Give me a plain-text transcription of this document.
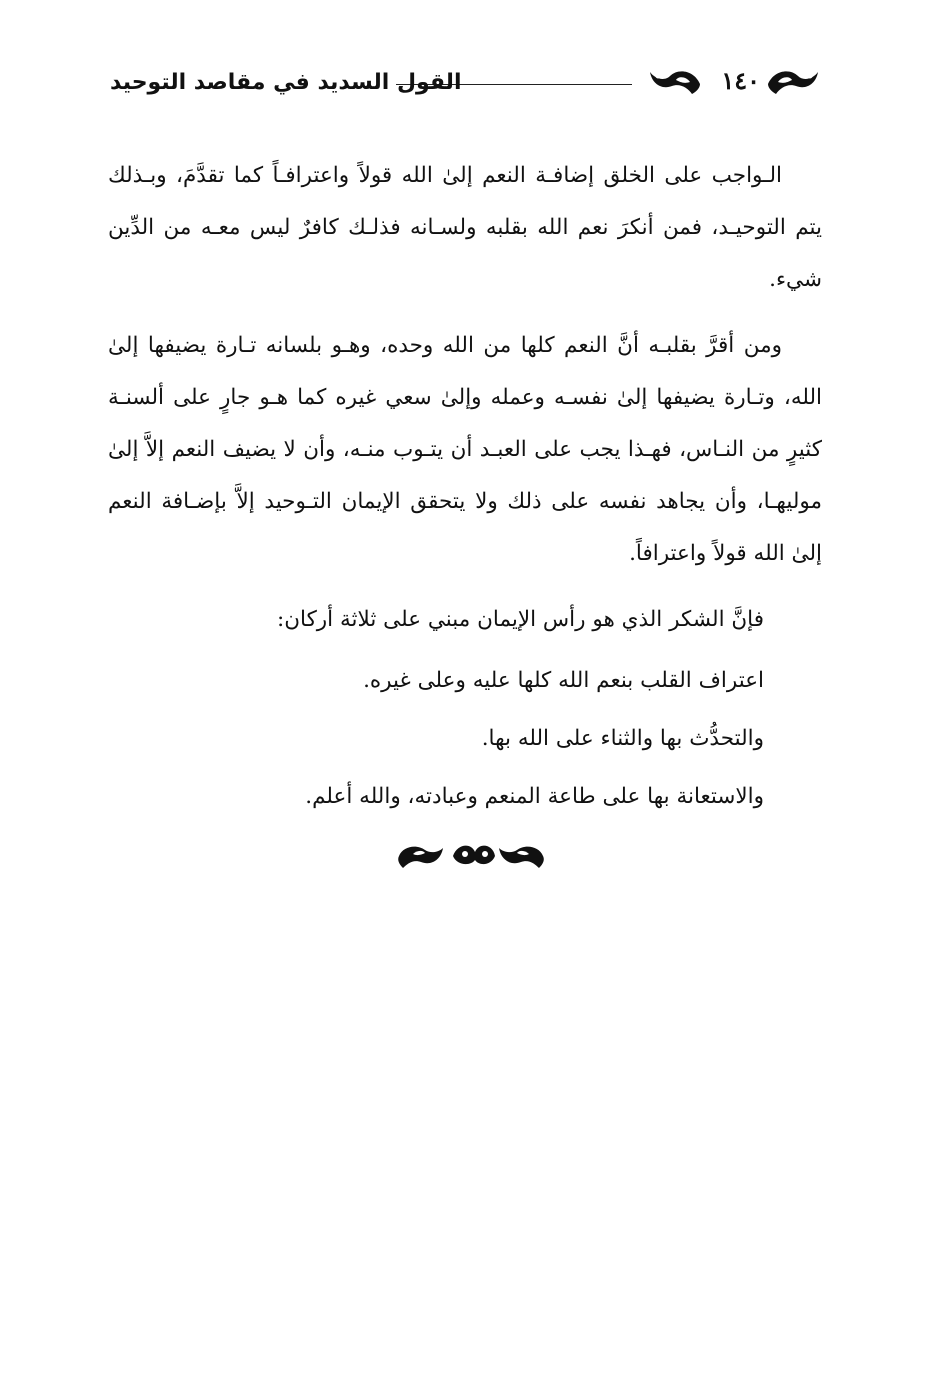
١٤٠
القول السديد في مقاصد التوحيد

الـواجب على الخلق إضافـة النعم إلىٰ الله قولاً واعترافـاً كما تقدَّمَ، وبـذلك يتم التوحيـد، فمن أنكرَ نعم الله بقلبه ولسـانه فذلـك كافرٌ ليس معـه من الدِّين شيء.

ومن أقرَّ بقلبـه أنَّ النعم كلها من الله وحده، وهـو بلسانه تـارة يضيفها إلىٰ الله، وتـارة يضيفها إلىٰ نفسـه وعمله وإلىٰ سعي غيره كما هـو جارٍ على ألسنـة كثيرٍ من النـاس، فهـذا يجب على العبـد أن يتـوب منـه، وأن لا يضيف النعم إلاَّ إلىٰ موليهـا، وأن يجاهد نفسه على ذلك ولا يتحقق الإيمان التـوحيد إلاَّ بإضـافة النعم إلىٰ الله قولاً واعترافاً.

فإنَّ الشكر الذي هو رأس الإيمان مبني على ثلاثة أركان:

اعتراف القلب بنعم الله كلها عليه وعلى غيره.

والتحدُّث بها والثناء على الله بها.

والاستعانة بها على طاعة المنعم وعبادته، والله أعلم.
